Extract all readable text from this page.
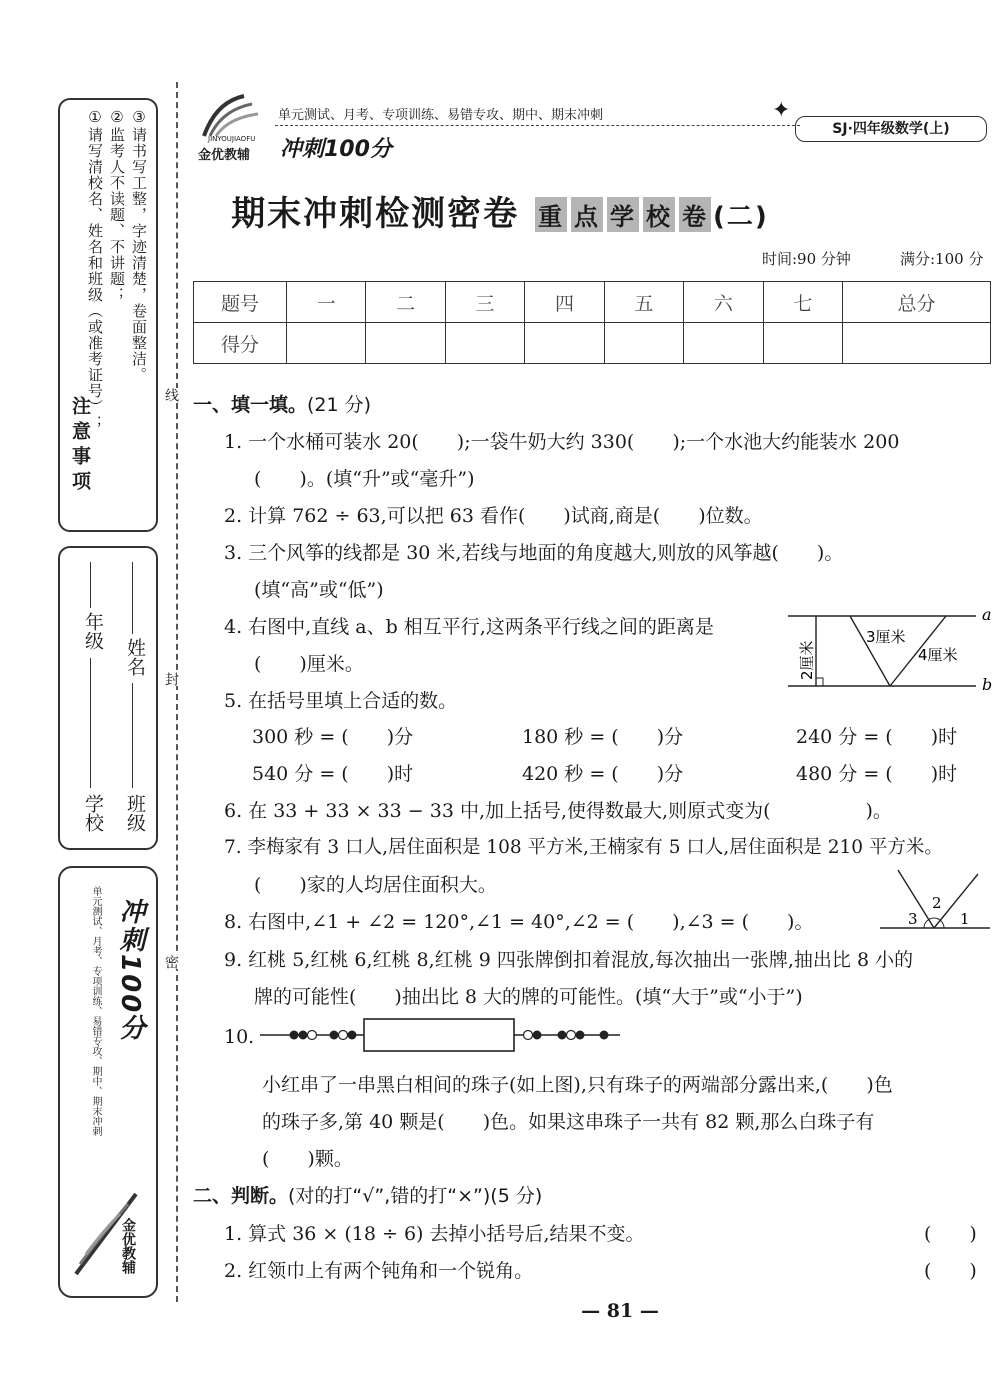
注意事项
①请写清校名、姓名和班级（或准考证号）； ②监考人不读题、不讲题； ③请书写工整，字迹清楚，卷面整洁。
学校
年级
班级
姓名
单元测试、月考、专项训练、易错专攻、期中、期末冲刺 冲刺100分
金优教辅
线
封
密
JINYOUJIAOFU
金优教辅 冲刺100分
单元测试、月考、专项训练、易错专攻、期中、期末冲刺	✦
SJ·四年级数学(上)
期末冲刺检测密卷 重 点 学 校 卷 (二)
时间:90 分钟	满分:100 分
题号	一	二	三	四	五	六	七	总分
得分								
一、填一填。(21 分)
1. 一个水桶可装水 20(　　);一袋牛奶大约 330(　　);一个水池大约能装水 200
(　　)。(填“升”或“毫升”)
2. 计算 762 ÷ 63,可以把 63 看作(　　)试商,商是(　　)位数。
3. 三个风筝的线都是 30 米,若线与地面的角度越大,则放的风筝越(　　)。
(填“高”或“低”)
4. 右图中,直线 a、b 相互平行,这两条平行线之间的距离是
(　　)厘米。
a
b
2厘米
3厘米
4厘米
5. 在括号里填上合适的数。
300 秒 = (　　)分	180 秒 = (　　)分	240 分 = (　　)时
540 分 = (　　)时	420 秒 = (　　)分	480 分 = (　　)时
6. 在 33 + 33 × 33 − 33 中,加上括号,使得数最大,则原式变为(　　　　　)。
7. 李梅家有 3 口人,居住面积是 108 平方米,王楠家有 5 口人,居住面积是 210 平方米。
(　　)家的人均居住面积大。
8. 右图中,∠1 + ∠2 = 120°,∠1 = 40°,∠2 = (　　),∠3 = (　　)。	3
2
1
9. 红桃 5,红桃 6,红桃 8,红桃 9 四张牌倒扣着混放,每次抽出一张牌,抽出比 8 小的
牌的可能性(　　)抽出比 8 大的牌的可能性。(填“大于”或“小于”)
10.
小红串了一串黑白相间的珠子(如上图),只有珠子的两端部分露出来,(　　)色
的珠子多,第 40 颗是(　　)色。如果这串珠子一共有 82 颗,那么白珠子有
(　　)颗。
二、判断。(对的打“√”,错的打“×”)(5 分)
1. 算式 36 × (18 ÷ 6) 去掉小括号后,结果不变。	(　　)
2. 红领巾上有两个钝角和一个锐角。	(　　)
— 81 —
